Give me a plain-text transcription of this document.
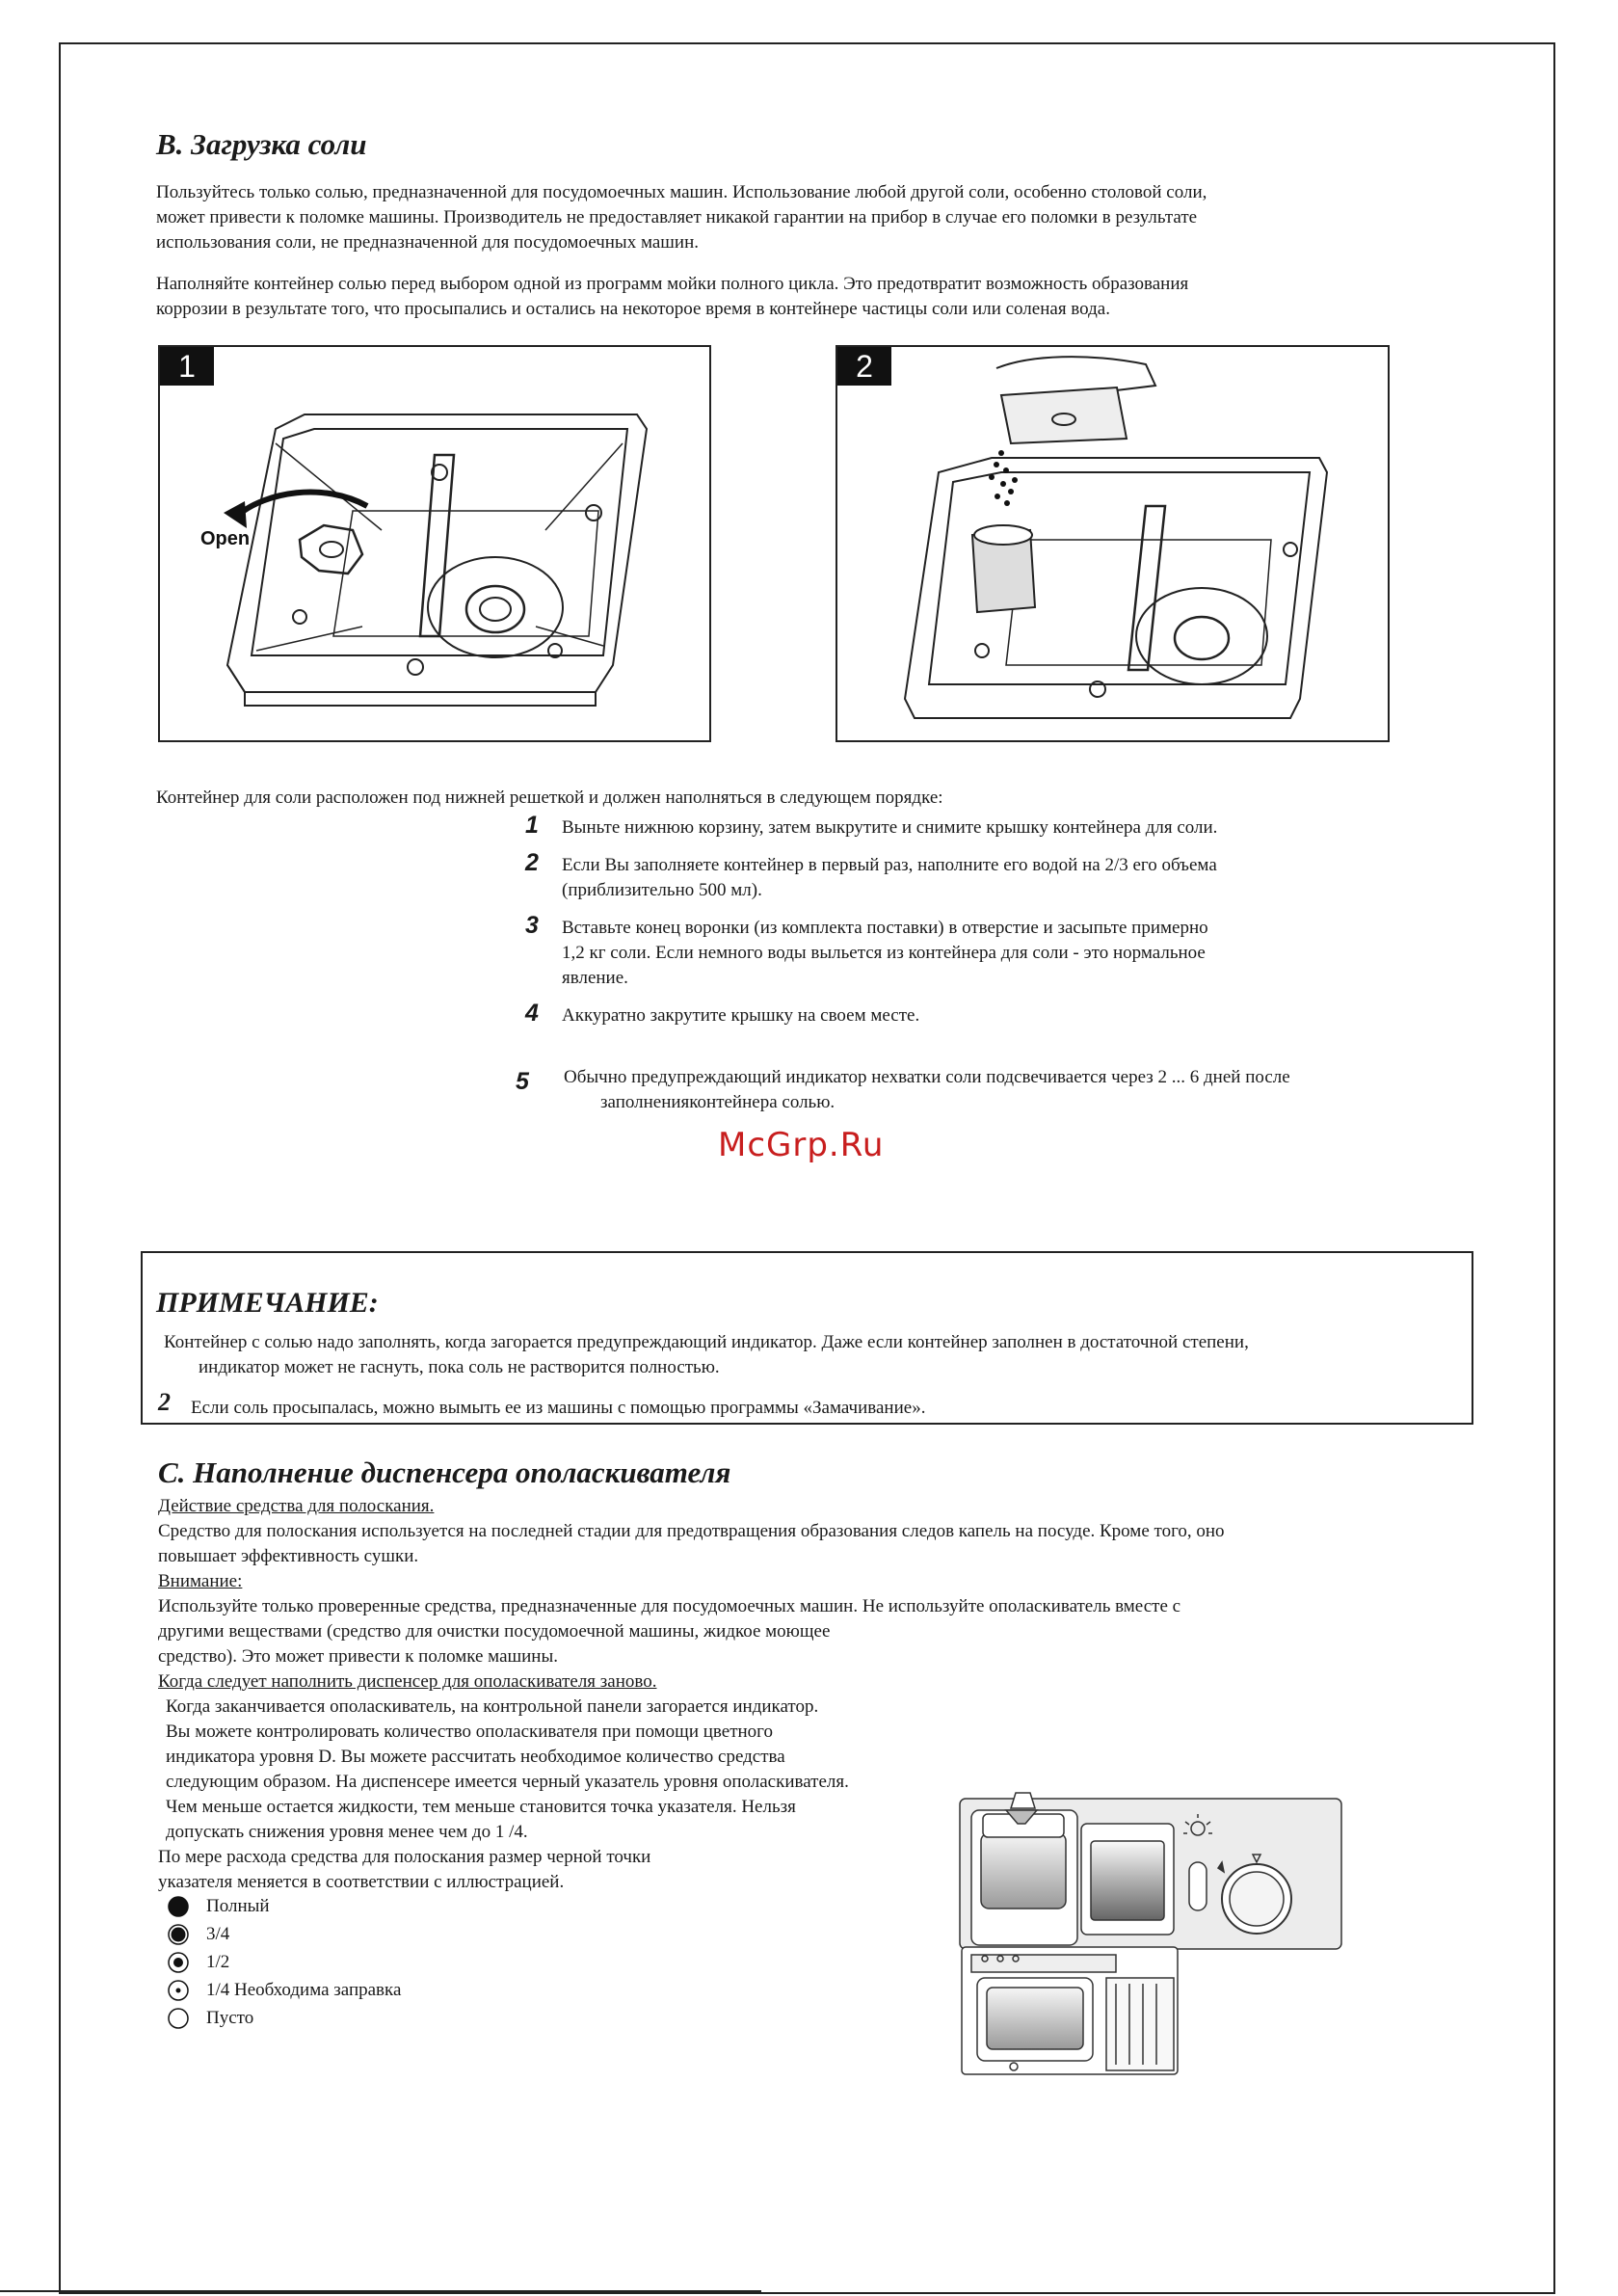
B. Загрузка соли
Пользуйтесь только солью, предназначенной для посудомоечных машин. Использование любой другой соли, особенно столовой соли,
может привести к поломке машины. Производитель не предоставляет никакой гарантии на прибор в случае его поломки в результате
использования соли, не предназначенной для посудомоечных машин.
Наполняйте контейнер солью перед выбором одной из программ мойки полного цикла. Это предотвратит возможность образования
коррозии в результате того, что просыпались и остались на некоторое время в контейнере частицы соли или соленая вода.
1
Open
2
Контейнер для соли расположен под нижней решеткой и должен наполняться в следующем порядке:
1 Выньте нижнюю корзину, затем выкрутите и снимите крышку контейнера для соли.
2 Если Вы заполняете контейнер в первый раз, наполните его водой на 2/3 его объема
(приблизительно 500 мл).
3 Вставьте конец воронки (из комплекта поставки) в отверстие и засыпьте примерно
1,2 кг соли. Если немного воды выльется из контейнера для соли - это нормальное
явление.
4 Аккуратно закрутите крышку на своем месте.
5 Обычно предупреждающий индикатор нехватки соли подсвечивается через 2 ... 6 дней после
заполненияконтейнера солью.
McGrp.Ru
ПРИМЕЧАНИЕ:
Контейнер с солью надо заполнять, когда загорается предупреждающий индикатор. Даже если контейнер заполнен в достаточной степени,
индикатор может не гаснуть, пока соль не растворится полностью.
2 Если соль просыпалась, можно вымыть ее из машины с помощью программы «Замачивание».
C. Наполнение диспенсера ополаскивателя
Действие средства для полоскания.
Средство для полоскания используется на последней стадии для предотвращения образования следов капель на посуде. Кроме того, оно
повышает эффективность сушки.
Внимание:
Используйте только проверенные средства, предназначенные для посудомоечных машин. Не используйте ополаскиватель вместе с
другими веществами (средство для очистки посудомоечной машины, жидкое моющее
средство). Это может привести к поломке машины.
Когда следует наполнить диспенсер для ополаскивателя заново.
Когда заканчивается ополаскиватель, на контрольной панели загорается индикатор.
Вы можете контролировать количество ополаскивателя при помощи цветного
индикатора уровня D. Вы можете рассчитать необходимое количество средства
следующим образом. На диспенсере имеется черный указатель уровня ополаскивателя.
Чем меньше остается жидкости, тем меньше становится точка указателя. Нельзя
допускать снижения уровня менее чем до 1 /4.
По мере расхода средства для полоскания размер черной точки
указателя меняется в соответствии с иллюстрацией.
Полный
3/4
1/2
1/4 Необходима заправка
Пусто
